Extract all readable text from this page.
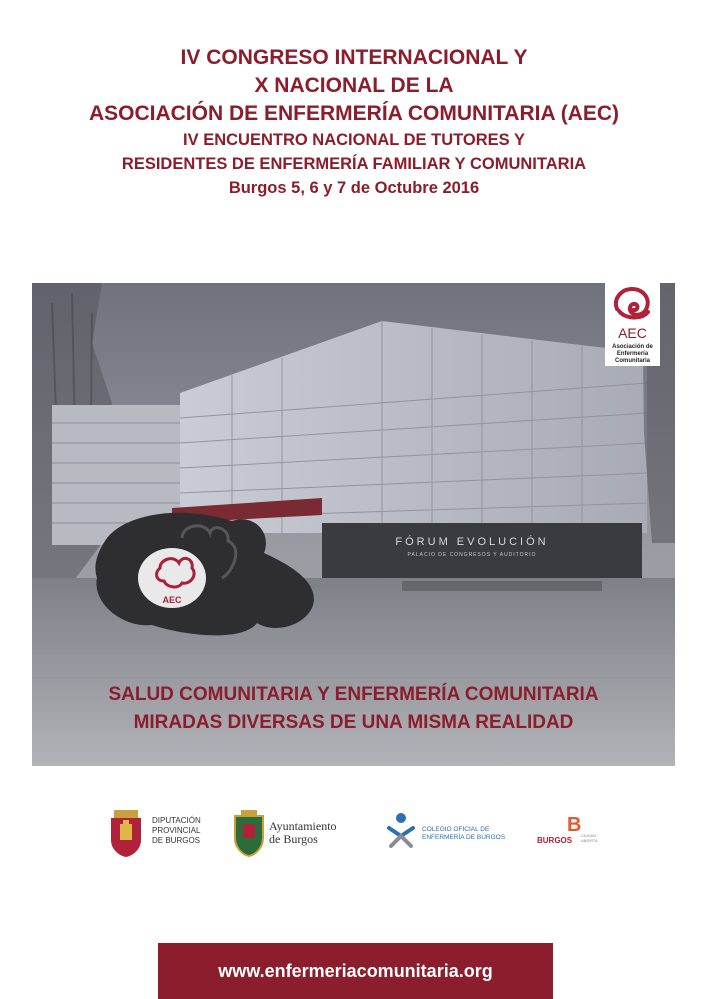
IV CONGRESO INTERNACIONAL Y
X NACIONAL DE LA
ASOCIACIÓN DE ENFERMERÍA COMUNITARIA (AEC)
IV ENCUENTRO NACIONAL DE TUTORES Y
RESIDENTES DE ENFERMERÍA FAMILIAR Y COMUNITARIA
Burgos 5, 6 y 7 de Octubre 2016
FÓRUM EVOLUCIÓN
PALACIO DE CONGRESOS Y AUDITORIO
AEC
AEC
Asociación de
Enfermería
Comunitaria
SALUD COMUNITARIA Y ENFERMERÍA COMUNITARIA
MIRADAS DIVERSAS DE UNA MISMA REALIDAD
DIPUTACIÓN
PROVINCIAL
DE BURGOS
Ayuntamiento
de Burgos
COLEGIO OFICIAL DE
ENFERMERÍA DE BURGOS
B
BURGOS
CIUDAD
ABIERTA
www.enfermeriacomunitaria.org
